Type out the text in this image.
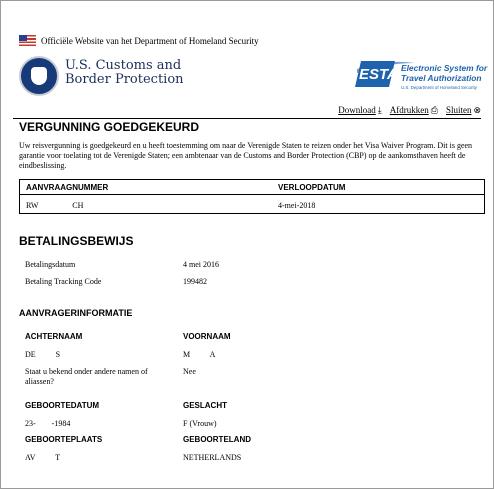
Officiële Website van het Department of Homeland Security
U.S. Customs and
Border Protection	ESTA Electronic System for
Travel Authorization
U.S. Department of Homeland Security
Download ⤓ Afdrukken ⎙ Sluiten ⊗
VERGUNNING GOEDGEKEURD
Uw reisvergunning is goedgekeurd en u heeft toestemming om naar de Verenigde Staten te reizen onder het Visa Waiver Program. Dit is geen garantie voor toelating tot de Verenigde Staten; een ambtenaar van de Customs and Border Protection (CBP) op de aankomsthaven heeft de eindbeslissing.
AANVRAAGNUMMER	VERLOOPDATUM
RW                 CH	4-mei-2018
BETALINGSBEWIJS
Betalingsdatum	4 mei 2016
Betaling Tracking Code	199482
AANVRAGERINFORMATIE
ACHTERNAAM	VOORNAAM
DE          S	M          A
Staat u bekend onder andere namen of
aliassen?
Nee
GEBOORTEDATUM	GESLACHT
23-        -1984	F (Vrouw)
GEBOORTEPLAATS	GEBOORTELAND
AV          T	NETHERLANDS
